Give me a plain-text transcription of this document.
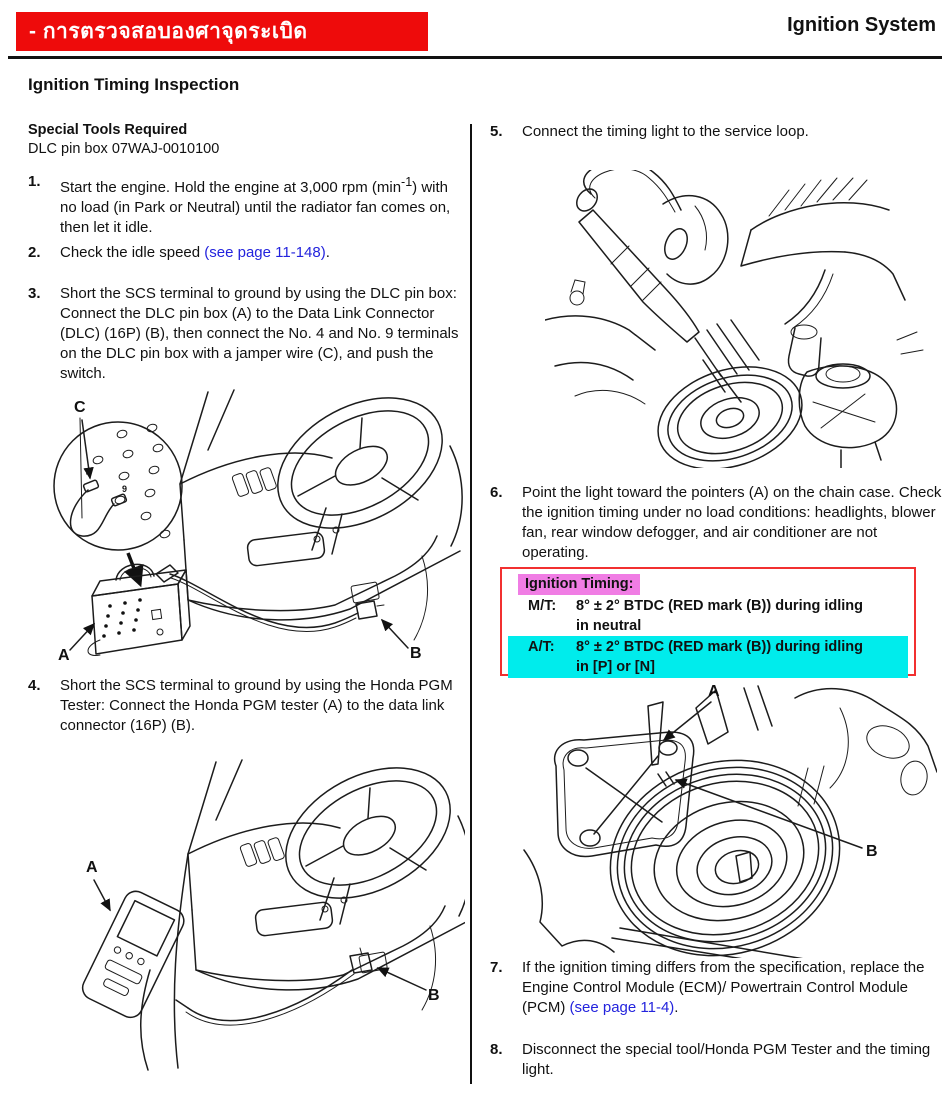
- การตรวจสอบองศาจุดระเบิด	Ignition System
Ignition Timing Inspection
Special Tools Required
DLC pin box 07WAJ-0010100
1.	Start the engine. Hold the engine at 3,000 rpm $(\min^{-1})$ with no load (in Park or Neutral) until the radiator fan comes on, then let it idle.
2.	Check the idle speed (see page 11-148).
3.	Short the SCS terminal to ground by using the DLC pin box: Connect the DLC pin box (A) to the Data Link Connector (DLC) (16P) (B), then connect the No. 4 and No. 9 terminals on the DLC pin box with a jamper wire (C), and push the switch.
4
9
A	B
C
4.	Short the SCS terminal to ground by using the Honda PGM Tester: Connect the Honda PGM tester (A) to the data link connector (16P) (B).
A
B
5.	Connect the timing light to the service loop.
6.	Point the light toward the pointers (A) on the chain case. Check the ignition timing under no load conditions: headlights, blower fan, rear window defogger, and air conditioner are not operating.
Ignition Timing:
M/T:	8° ± 2° BTDC (RED mark (B)) during idling
in neutral
A/T:	8° ± 2° BTDC (RED mark (B)) during idling
in [P] or [N]
A
B
7.	If the ignition timing differs from the specification, replace the Engine Control Module (ECM)/ Powertrain Control Module (PCM) (see page 11-4).
8.	Disconnect the special tool/Honda PGM Tester and the timing light.
